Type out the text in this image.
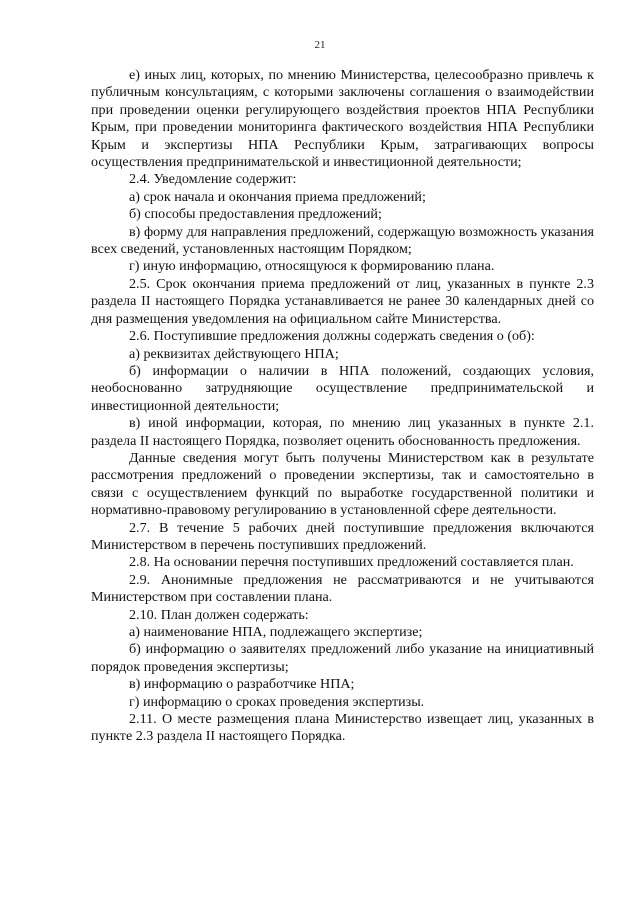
21

е) иных лиц, которых, по мнению Министерства, целесообразно привлечь к публичным консультациям, с которыми заключены соглашения о взаимодействии при проведении оценки регулирующего воздействия проектов НПА Республики Крым, при проведении мониторинга фактического воздействия НПА Республики Крым и экспертизы НПА Республики Крым, затрагивающих вопросы осуществления предпринимательской и инвестиционной деятельности;

2.4. Уведомление содержит:

а) срок начала и окончания приема предложений;

б) способы предоставления предложений;

в) форму для направления предложений, содержащую возможность указания всех сведений, установленных настоящим Порядком;

г) иную информацию, относящуюся к формированию плана.

2.5. Срок окончания приема предложений от лиц, указанных в пункте 2.3 раздела II настоящего Порядка устанавливается не ранее 30 календарных дней со дня размещения уведомления на официальном сайте Министерства.

2.6. Поступившие предложения должны содержать сведения о (об):

а) реквизитах действующего НПА;

б) информации о наличии в НПА положений, создающих условия, необоснованно затрудняющие осуществление предпринимательской и инвестиционной деятельности;

в) иной информации, которая, по мнению лиц указанных в пункте 2.1. раздела II настоящего Порядка, позволяет оценить обоснованность предложения.

Данные сведения могут быть получены Министерством как в результате рассмотрения предложений о проведении экспертизы, так и самостоятельно в связи с осуществлением функций по выработке государственной политики и нормативно-правовому регулированию в установленной сфере деятельности.

2.7. В течение 5 рабочих дней поступившие предложения включаются Министерством в перечень поступивших предложений.

2.8. На основании перечня поступивших предложений составляется план.

2.9. Анонимные предложения не рассматриваются и не учитываются Министерством при составлении плана.

2.10. План должен содержать:

а) наименование НПА, подлежащего экспертизе;

б) информацию о заявителях предложений либо указание на инициативный порядок проведения экспертизы;

в) информацию о разработчике НПА;

г) информацию о сроках проведения экспертизы.

2.11. О месте размещения плана Министерство извещает лиц, указанных в пункте 2.3 раздела II настоящего Порядка.
